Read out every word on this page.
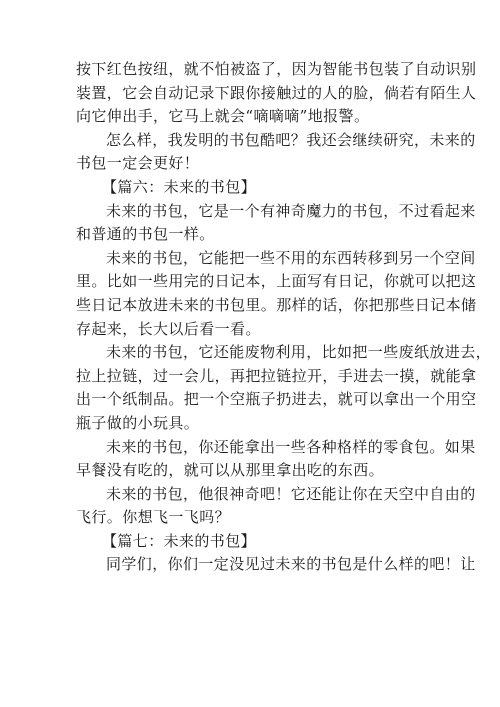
按下红色按纽，就不怕被盗了，因为智能书包装了自动识别
装置，它会自动记录下跟你接触过的人的脸，倘若有陌生人
向它伸出手，它马上就会“嘀嘀嘀”地报警。
怎么样，我发明的书包酷吧？我还会继续研究，未来的
书包一定会更好！
【篇六：未来的书包】
未来的书包，它是一个有神奇魔力的书包，不过看起来
和普通的书包一样。
未来的书包，它能把一些不用的东西转移到另一个空间
里。比如一些用完的日记本，上面写有日记，你就可以把这
些日记本放进未来的书包里。那样的话，你把那些日记本储
存起来，长大以后看一看。
未来的书包，它还能废物利用，比如把一些废纸放进去，
拉上拉链，过一会儿，再把拉链拉开，手进去一摸，就能拿
出一个纸制品。把一个空瓶子扔进去，就可以拿出一个用空
瓶子做的小玩具。
未来的书包，你还能拿出一些各种格样的零食包。如果
早餐没有吃的，就可以从那里拿出吃的东西。
未来的书包，他很神奇吧！它还能让你在天空中自由的
飞行。你想飞一飞吗？
【篇七：未来的书包】
同学们，你们一定没见过未来的书包是什么样的吧！让
